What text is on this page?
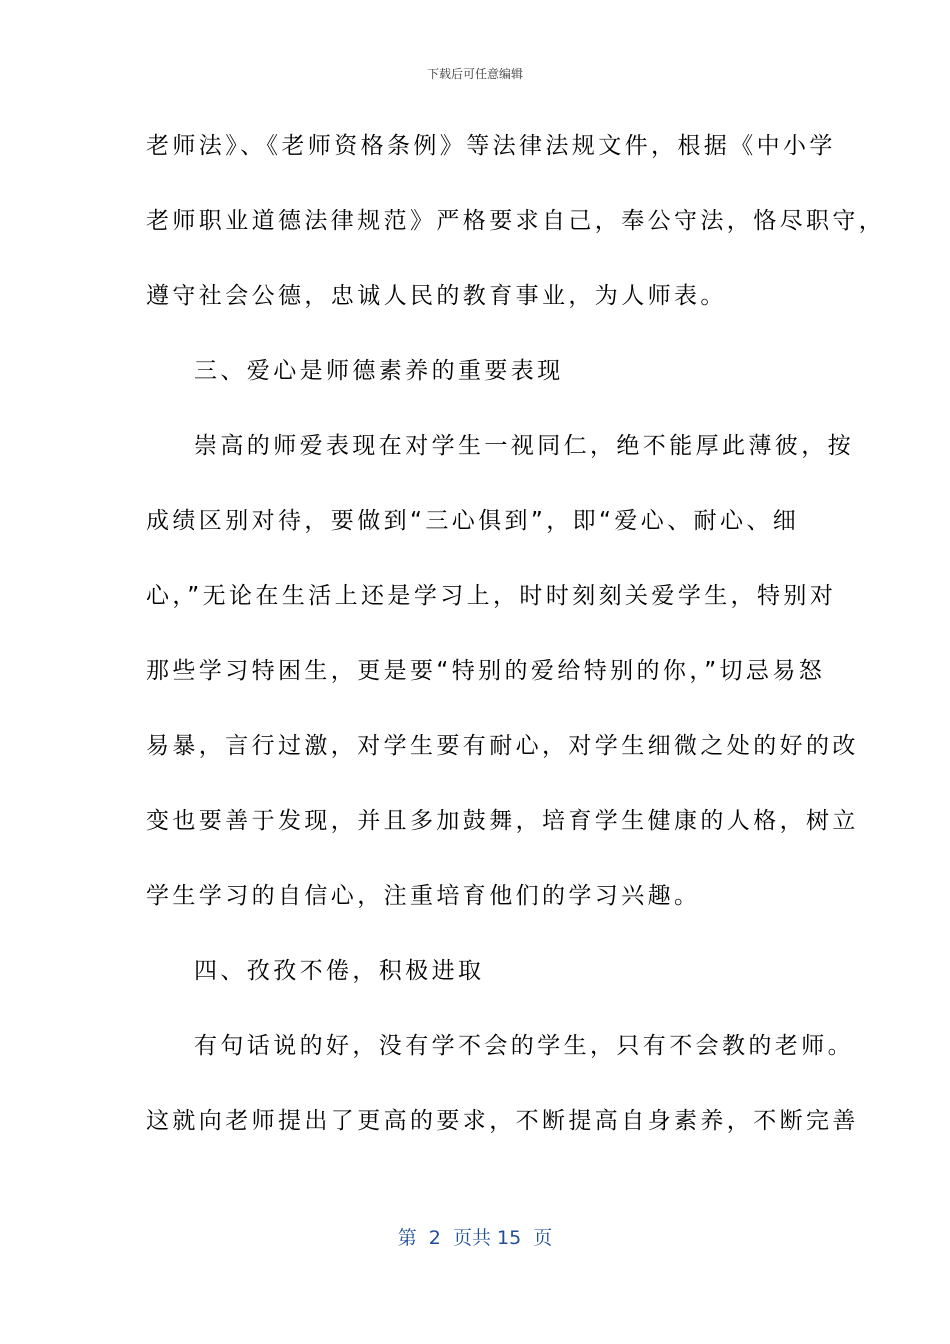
下载后可任意编辑
老师法》、《老师资格条例》等法律法规文件，根据《中小学
老师职业道德法律规范》严格要求自己，奉公守法，恪尽职守，
遵守社会公德，忠诚人民的教育事业，为人师表。
三、爱心是师德素养的重要表现
崇高的师爱表现在对学生一视同仁，绝不能厚此薄彼，按
成绩区别对待，要做到“三心俱到”，即“爱心、耐心、细
心，”无论在生活上还是学习上，时时刻刻关爱学生，特别对
那些学习特困生，更是要“特别的爱给特别的你，”切忌易怒
易暴，言行过激，对学生要有耐心，对学生细微之处的好的改
变也要善于发现，并且多加鼓舞，培育学生健康的人格，树立
学生学习的自信心，注重培育他们的学习兴趣。
四、孜孜不倦，积极进取
有句话说的好，没有学不会的学生，只有不会教的老师。
这就向老师提出了更高的要求，不断提高自身素养，不断完善
第  2  页共 15  页
